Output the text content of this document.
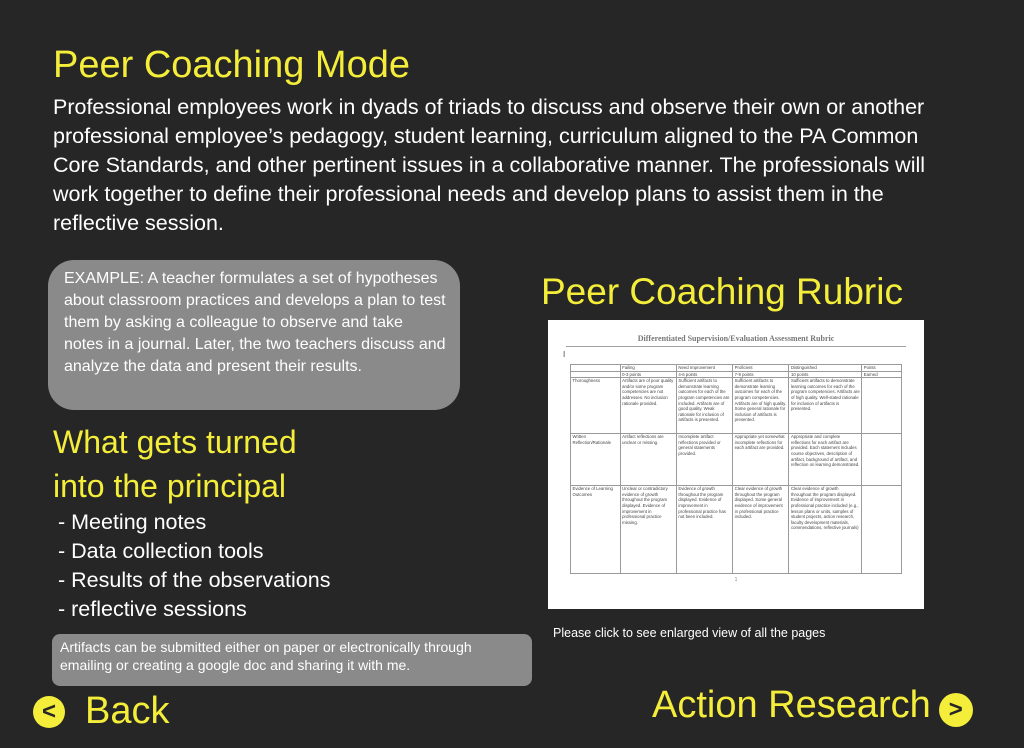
Peer Coaching Mode

Professional employees work in dyads of triads to discuss and observe their own or another professional employee’s pedagogy, student learning, curriculum aligned to the PA Common Core Standards, and other pertinent issues in a collaborative manner. The professionals will work together to define their professional needs and develop plans to assist them in the reflective session.

EXAMPLE: A teacher formulates a set of hypotheses about classroom practices and develops a plan to test them by asking a colleague to observe and take notes in a journal. Later, the two teachers discuss and analyze the data and present their results.
What gets turned
into the principal
- Meeting notes
- Data collection tools
- Results of the observations
- reflective sessions
Artifacts can be submitted either on paper or electronically through emailing or creating a google doc and sharing it with me.
Peer Coaching Rubric
Differentiated Supervision/Evaluation Assessment Rubric
I
	Failing	Need Improvement	Proficient	Distinguished	Points
	0-3 points	4-6 points	7-9 points	10 points	Earned
Thoroughness	Artifacts are of poor quality and/or some program competencies are not addresses. No inclusion rationale provided.	Sufficient artifacts to demonstrate learning outcomes for each of the program competencies are included. Artifacts are of good quality. Weak rationale for inclusion of artifacts is presented.	Sufficient artifacts to demonstrate learning outcomes for each of the program competencies. Artifacts are of high quality. Some general rationale for inclusion of artifacts is presented.	Sufficient artifacts to demonstrate learning outcomes for each of the program competencies. Artifacts are of high quality. Well-stated rationale for inclusion of artifacts is presented.	
Written Reflection/Rationale	Artifact reflections are unclear or missing.	Incomplete artifact reflections provided or general statements provided.	Appropriate yet somewhat incomplete reflections for each artifact are provided.	Appropriate and complete reflections for each artifact are provided. Each statement includes course objectives, description of artifact, background of artifact, and reflection on learning demonstrated.	
Evidence of Learning Outcomes	Unclear or contradictory evidence of growth throughout the program displayed. Evidence of improvement in professional practice missing.	Evidence of growth throughout the program displayed. Evidence of improvement in professional practice has not been included.	Clear evidence of growth throughout the program displayed. Some general evidence of improvement in professional practice included.	Clear evidence of growth throughout the program displayed. Evidence of improvement in professional practice included (e.g., lesson plans or units, samples of student projects, action research, faculty development materials, commendations, reflective journals)	
1

Please click to see enlarged view of all the pages

< Back	Action Research >
